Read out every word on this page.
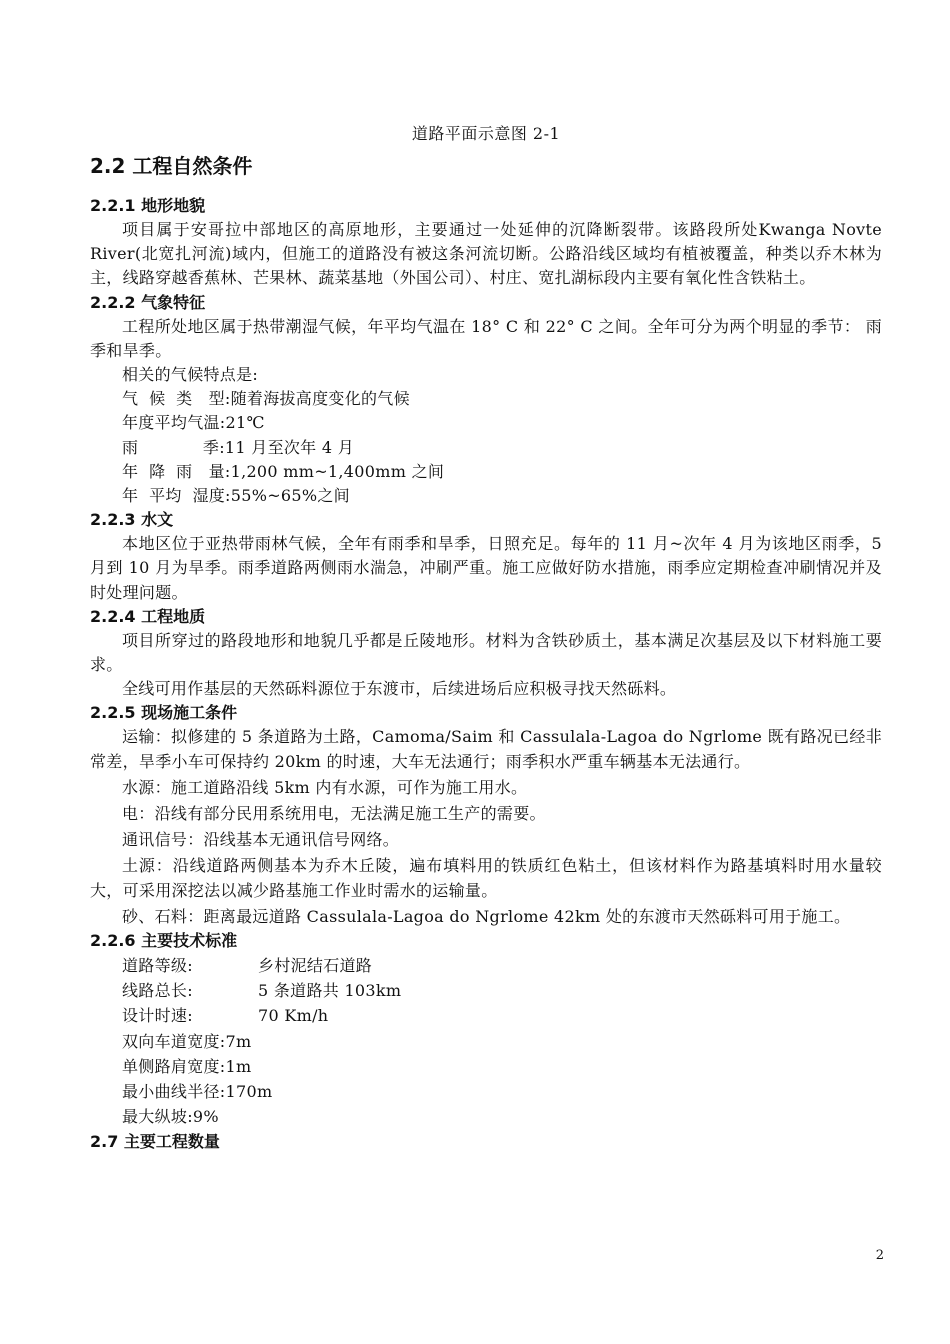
道路平面示意图 2-1
2.2 工程自然条件
2.2.1 地形地貌

项目属于安哥拉中部地区的高原地形，主要通过一处延伸的沉降断裂带。该路段所处Kwanga Novte River(北宽扎河流)域内，但施工的道路没有被这条河流切断。公路沿线区域均有植被覆盖，种类以乔木林为主，线路穿越香蕉林、芒果林、蔬菜基地（外国公司）、村庄、宽扎湖标段内主要有氧化性含铁粘土。

2.2.2 气象特征

工程所处地区属于热带潮湿气候，年平均气温在 18° C 和 22° C 之间。全年可分为两个明显的季节： 雨季和旱季。

相关的气候特点是:

气  候  类   型:随着海拔高度变化的气候
年度平均气温:21℃
雨            季:11 月至次年 4 月
年  降  雨   量:1,200 mm~1,400mm 之间
年  平均  湿度:55%~65%之间
2.2.3 水文

本地区位于亚热带雨林气候，全年有雨季和旱季，日照充足。每年的 11 月~次年 4 月为该地区雨季，5 月到 10 月为旱季。雨季道路两侧雨水湍急，冲刷严重。施工应做好防水措施，雨季应定期检查冲刷情况并及时处理问题。

2.2.4 工程地质

项目所穿过的路段地形和地貌几乎都是丘陵地形。材料为含铁砂质土，基本满足次基层及以下材料施工要求。

全线可用作基层的天然砾料源位于东渡市，后续进场后应积极寻找天然砾料。

2.2.5 现场施工条件

运输：拟修建的 5 条道路为土路，Camoma/Saim 和 Cassulala-Lagoa do Ngrlome 既有路况已经非常差，旱季小车可保持约 20km 的时速，大车无法通行；雨季积水严重车辆基本无法通行。

水源：施工道路沿线 5km 内有水源，可作为施工用水。

电：沿线有部分民用系统用电，无法满足施工生产的需要。

通讯信号：沿线基本无通讯信号网络。

土源：沿线道路两侧基本为乔木丘陵，遍布填料用的铁质红色粘土，但该材料作为路基填料时用水量较大，可采用深挖法以减少路基施工作业时需水的运输量。

砂、石料：距离最远道路 Cassulala-Lagoa do Ngrlome 42km 处的东渡市天然砾料可用于施工。

2.2.6 主要技术标准
道路等级:	乡村泥结石道路
线路总长:	5 条道路共 103km
设计时速:	70 Km/h
双向车道宽度: 7m
单侧路肩宽度: 1m
最小曲线半径: 170m
最大纵坡: 9%
2.7 主要工程数量
2
